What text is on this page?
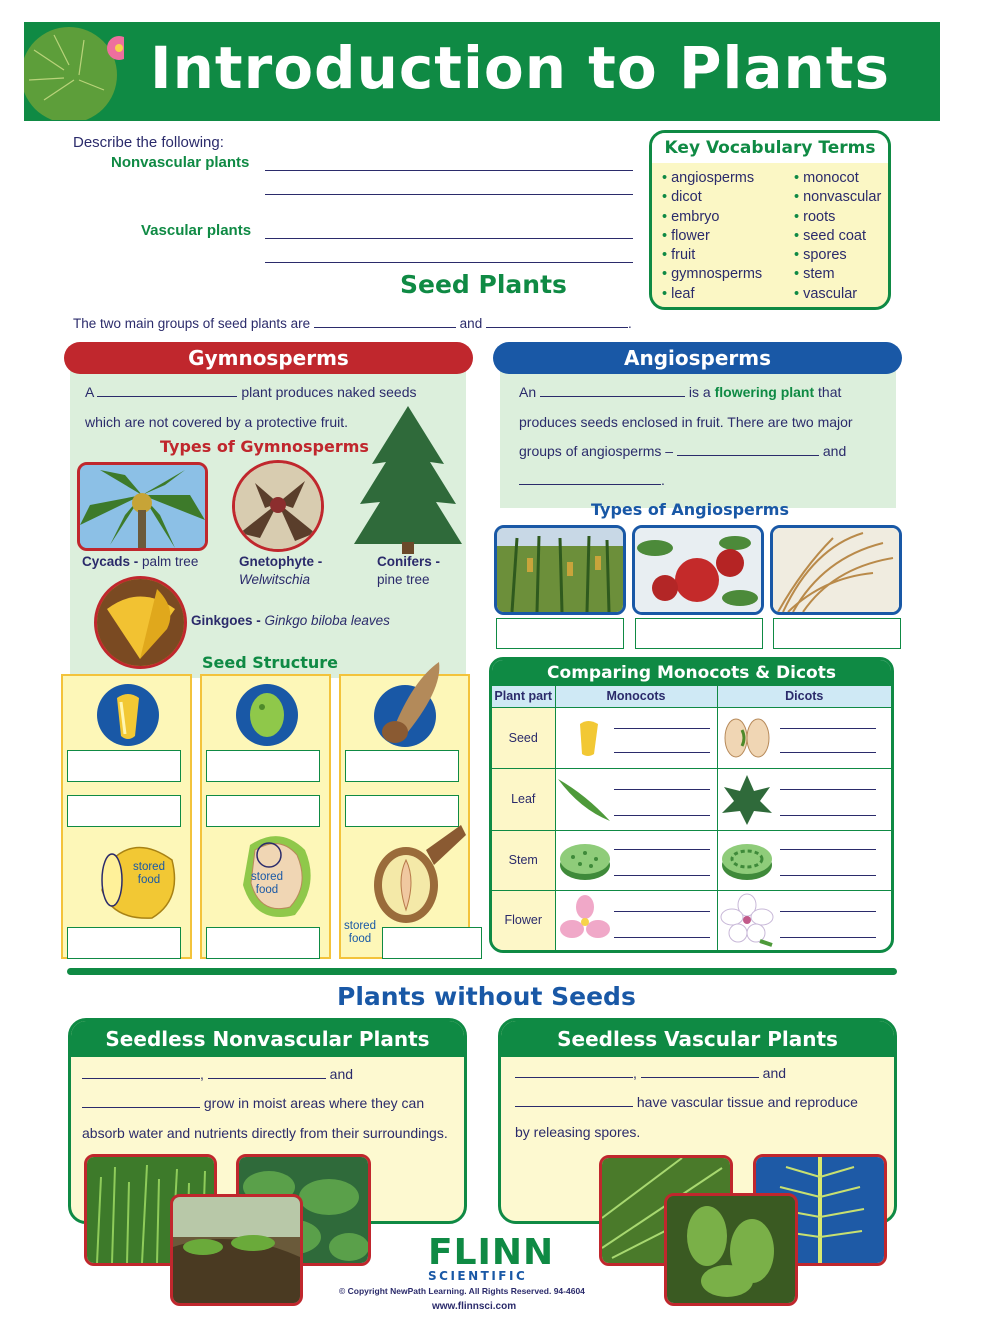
Introduction to Plants
Describe the following:
Nonvascular plants
Vascular plants
Key Vocabulary Terms
• angiosperms
• dicot
• embryo
• flower
• fruit
• gymnosperms
• leaf
• monocot
• nonvascular
• roots
• seed coat
• spores
• stem
• vascular
Seed Plants
The two main groups of seed plants are	and	.
Gymnosperms
A	plant produces naked seeds
which are not covered by a protective fruit.
Types of Gymnosperms
Cycads - palm tree	Gnetophyte -
Welwitschia
Conifers -
pine tree
Ginkgoes - Ginkgo biloba leaves
Angiosperms
An	is a flowering plant that
produces seeds enclosed in fruit. There are two major
groups of angiosperms –	and
.
Types of Angiosperms
Seed Structure
stored food	stored food
stored food
Comparing Monocots & Dicots
Plant part	Monocots	Dicots
Seed	

Leaf	

Stem	

Flower	

Plants without Seeds
Seedless Nonvascular Plants
,	and
grow in moist areas where they can
absorb water and nutrients directly from their surroundings.
Seedless Vascular Plants
,	and
have vascular tissue and reproduce
by releasing spores.
FLINN
SCIENTIFIC
© Copyright NewPath Learning. All Rights Reserved. 94-4604
www.flinnsci.com
